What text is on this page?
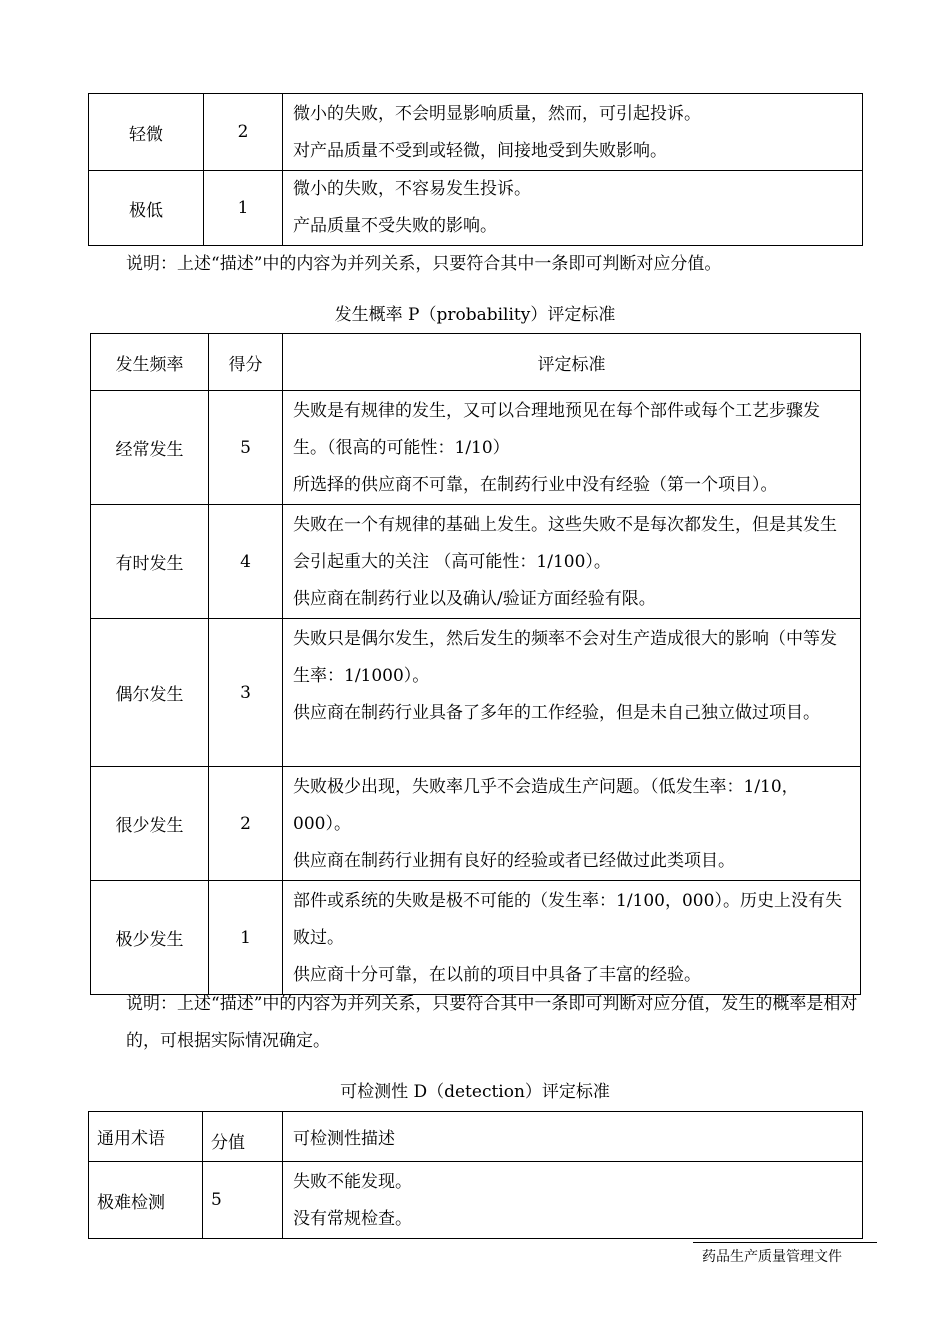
轻微	2	微小的失败，不会明显影响质量，然而，可引起投诉。
对产品质量不受到或轻微，间接地受到失败影响。

极低	1	微小的失败，不容易发生投诉。
产品质量不受失败的影响。
说明：上述“描述”中的内容为并列关系，只要符合其中一条即可判断对应分值。
发生概率 P（probability）评定标准
发生频率	得分	评定标准
经常发生	5	失败是有规律的发生，又可以合理地预见在每个部件或每个工艺步骤发生。（很高的可能性：1/10）
所选择的供应商不可靠，在制药行业中没有经验（第一个项目）。

有时发生	4	失败在一个有规律的基础上发生。这些失败不是每次都发生，但是其发生会引起重大的关注 （高可能性：1/100）。
供应商在制药行业以及确认/验证方面经验有限。

偶尔发生	3	失败只是偶尔发生，然后发生的频率不会对生产造成很大的影响（中等发生率：1/1000）。
供应商在制药行业具备了多年的工作经验，但是未自己独立做过项目。

很少发生	2	失败极少出现，失败率几乎不会造成生产问题。（低发生率：1/10，000）。
供应商在制药行业拥有良好的经验或者已经做过此类项目。

极少发生	1	部件或系统的失败是极不可能的（发生率：1/100，000）。历史上没有失败过。
供应商十分可靠，在以前的项目中具备了丰富的经验。
说明：上述“描述”中的内容为并列关系，只要符合其中一条即可判断对应分值，发生的概率是相对的，可根据实际情况确定。
可检测性 D（detection）评定标准
通用术语	分值	可检测性描述
极难检测	5	失败不能发现。
没有常规检查。
药品生产质量管理文件
